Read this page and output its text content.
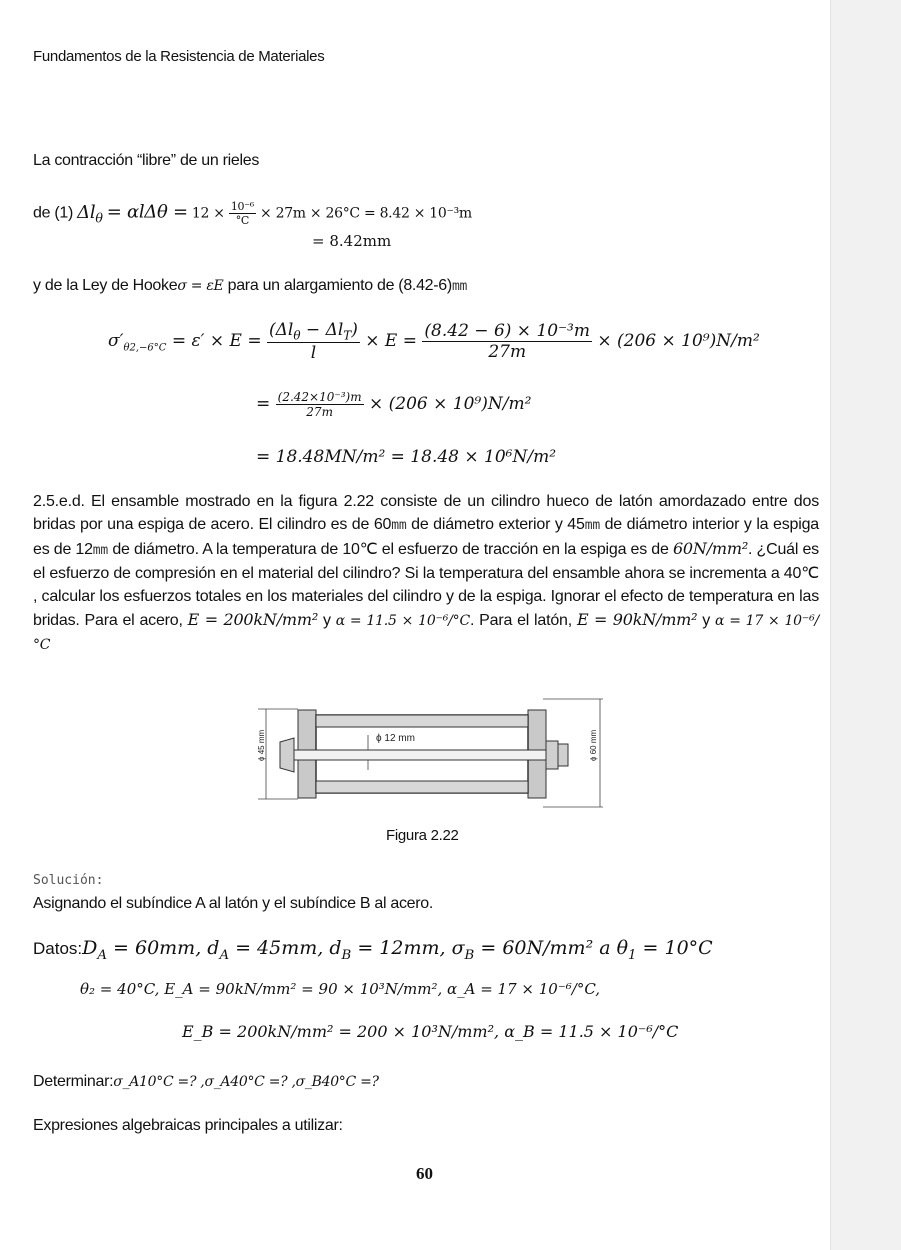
Fundamentos de la Resistencia de Materiales
La contracción “libre” de un rieles
de (1) $\Delta l_\theta = \alpha l\Delta\theta = 12 \times \frac{\text{10⁻⁶}}{^\circ C} \times 27m \times 26^\circ C = 8.42 \times 10^{-3}m$
= 8.42mm
y de la Ley de Hookeσ = εE para un alargamiento de (8.42-6)mm
$\sigma'_{\theta 2,-6^\circ C} = \varepsilon' \times E = \frac{(\Delta l_\theta - \Delta l_T)}{l} \times E = \frac{\text{(8.42 − 6) × 10⁻³m}}{27m} \times (206 \times 10^9)N/m^2$
= $\frac{\text{(2.42×10⁻³)m}}{27m} \times (206 \times 10^9)N/m^2$
= 18.48MN/m² = 18.48 × 10⁶N/m²
2.5.e.d. El ensamble mostrado en la figura 2.22 consiste de un cilindro hueco de latón amordazado entre dos bridas por una espiga de acero. El cilindro es de 60mm de diámetro exterior y 45mm de diámetro interior y la espiga es de 12mm de diámetro. A la temperatura de 10℃ el esfuerzo de tracción en la espiga es de 60N/mm². ¿Cuál es el esfuerzo de compresión en el material del cilindro? Si la temperatura del ensamble ahora se incrementa a 40℃ , calcular los esfuerzos totales en los materiales del cilindro y de la espiga. Ignorar el efecto de temperatura en las bridas. Para el acero, E = 200kN/mm² y α = 11.5 × 10⁻⁶/°C. Para el latón, E = 90kN/mm² y α = 17 × 10⁻⁶/°C
ϕ 12 mm
ϕ 45 mm	ϕ 60 mm
Figura 2.22
Solución:
Asignando el subíndice A al latón y el subíndice B al acero.
$Datos:D_A = 60mm$, $d_A = 45mm$, $d_B = 12mm$, $\sigma_B = 60N/mm^2$ a $\theta_1 = 10^\circ C$
θ₂ = 40°C, E_A = 90kN/mm² = 90 × 10³N/mm², α_A = 17 × 10⁻⁶/°C,
E_B = 200kN/mm² = 200 × 10³N/mm², α_B = 11.5 × 10⁻⁶/°C
Determinar:σ_A10°C =? ,σ_A40°C =? ,σ_B40°C =?
Expresiones algebraicas principales a utilizar:
60
